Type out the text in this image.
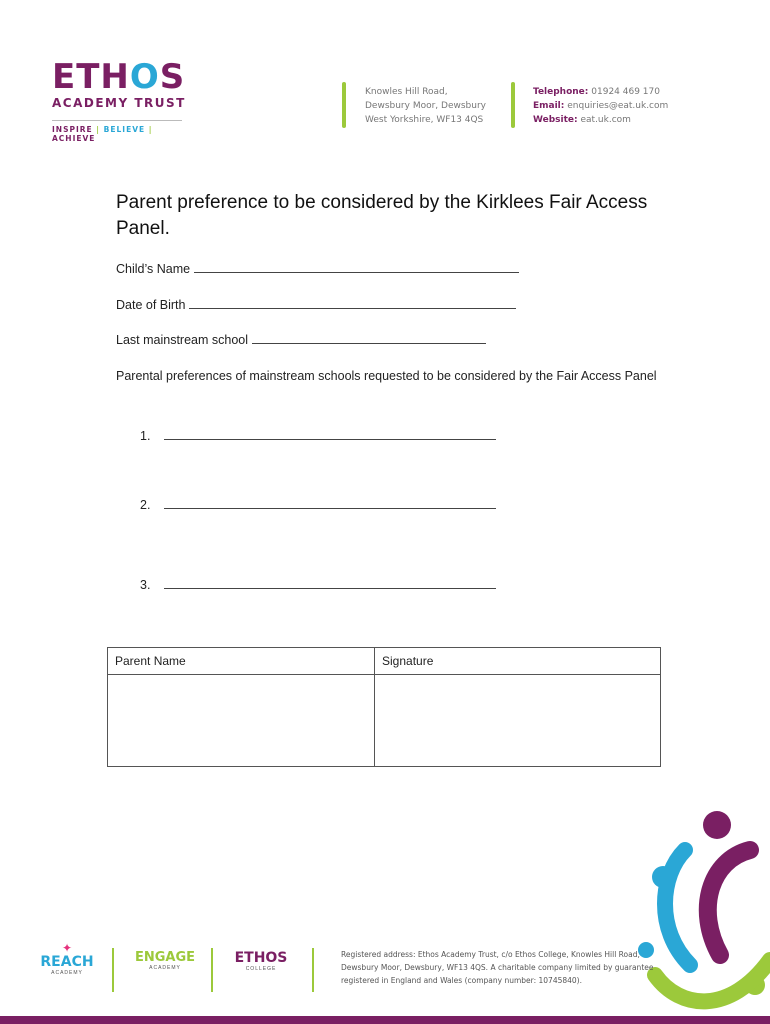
ETHOS
ACADEMY TRUST
INSPIRE | BELIEVE | ACHIEVE
Knowles Hill Road,
Dewsbury Moor, Dewsbury
West Yorkshire, WF13 4QS
Telephone: 01924 469 170
Email: enquiries@eat.uk.com
Website: eat.uk.com
Parent preference to be considered by the Kirklees Fair Access
Panel.
Child’s Name
Date of Birth
Last mainstream school
Parental preferences of mainstream schools requested to be considered by the Fair Access Panel
1.
2.
3.
Parent Name	Signature

✦
REACH
ACADEMY
ENGAGE
ACADEMY
ETHOS
COLLEGE
Registered address: Ethos Academy Trust, c/o Ethos College, Knowles Hill Road, Dewsbury Moor, Dewsbury, WF13 4QS. A charitable company limited by guarantee registered in England and Wales (company number: 10745840).
